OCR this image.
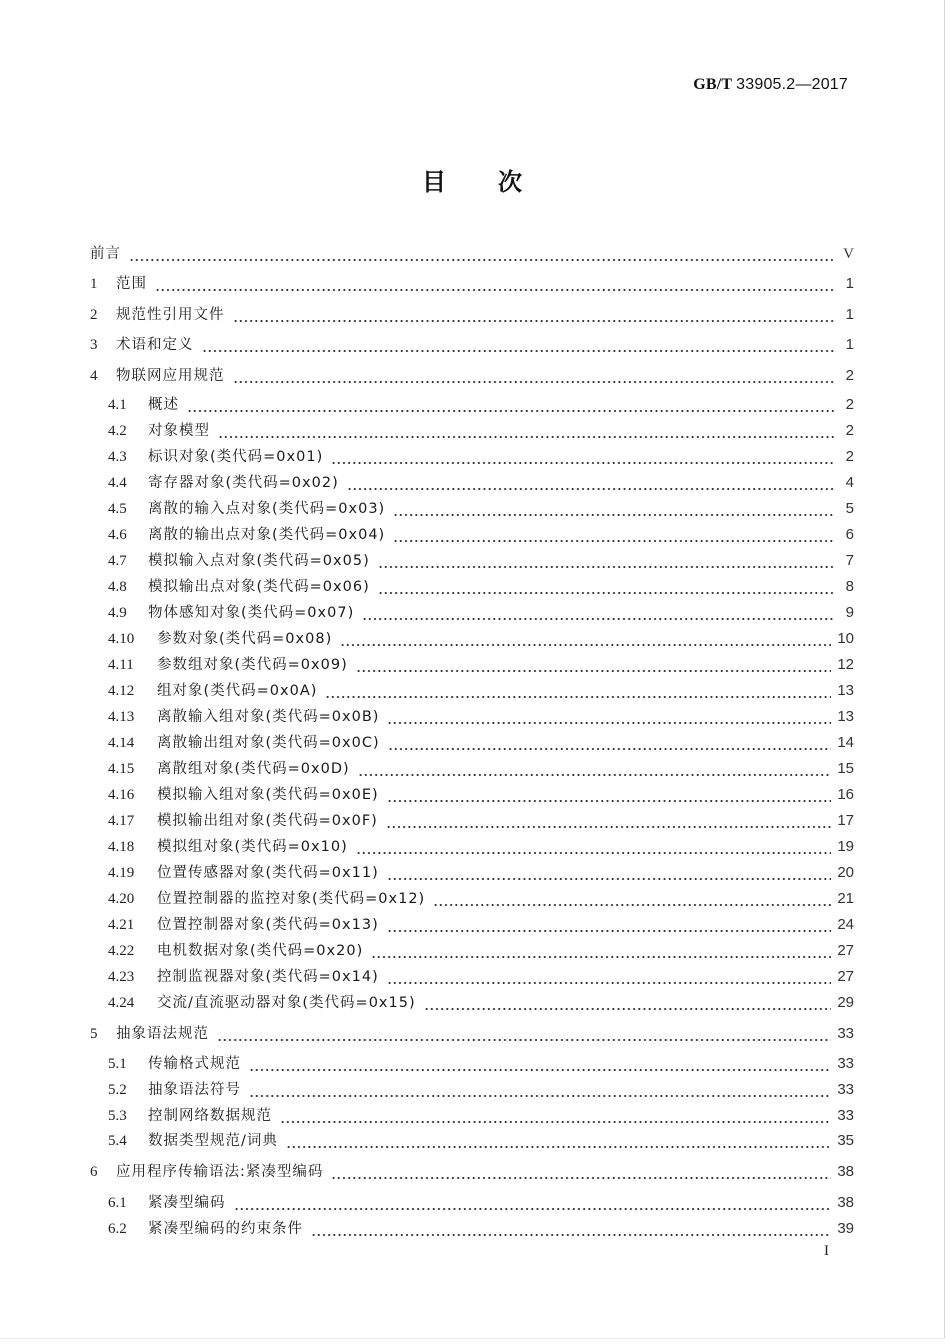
GB/T 33905.2—2017
目次
前言	V
1	范围	1
2	规范性引用文件	1
3	术语和定义	1
4	物联网应用规范	2
4.1	概述	2
4.2	对象模型	2
4.3	标识对象(类代码=0x01)	2
4.4	寄存器对象(类代码=0x02)	4
4.5	离散的输入点对象(类代码=0x03)	5
4.6	离散的输出点对象(类代码=0x04)	6
4.7	模拟输入点对象(类代码=0x05)	7
4.8	模拟输出点对象(类代码=0x06)	8
4.9	物体感知对象(类代码=0x07)	9
4.10	参数对象(类代码=0x08)	10
4.11	参数组对象(类代码=0x09)	12
4.12	组对象(类代码=0x0A)	13
4.13	离散输入组对象(类代码=0x0B)	13
4.14	离散输出组对象(类代码=0x0C)	14
4.15	离散组对象(类代码=0x0D)	15
4.16	模拟输入组对象(类代码=0x0E)	16
4.17	模拟输出组对象(类代码=0x0F)	17
4.18	模拟组对象(类代码=0x10)	19
4.19	位置传感器对象(类代码=0x11)	20
4.20	位置控制器的监控对象(类代码=0x12)	21
4.21	位置控制器对象(类代码=0x13)	24
4.22	电机数据对象(类代码=0x20)	27
4.23	控制监视器对象(类代码=0x14)	27
4.24	交流/直流驱动器对象(类代码=0x15)	29
5	抽象语法规范	33
5.1	传输格式规范	33
5.2	抽象语法符号	33
5.3	控制网络数据规范	33
5.4	数据类型规范/词典	35
6	应用程序传输语法:紧凑型编码	38
6.1	紧凑型编码	38
6.2	紧凑型编码的约束条件	39
I
